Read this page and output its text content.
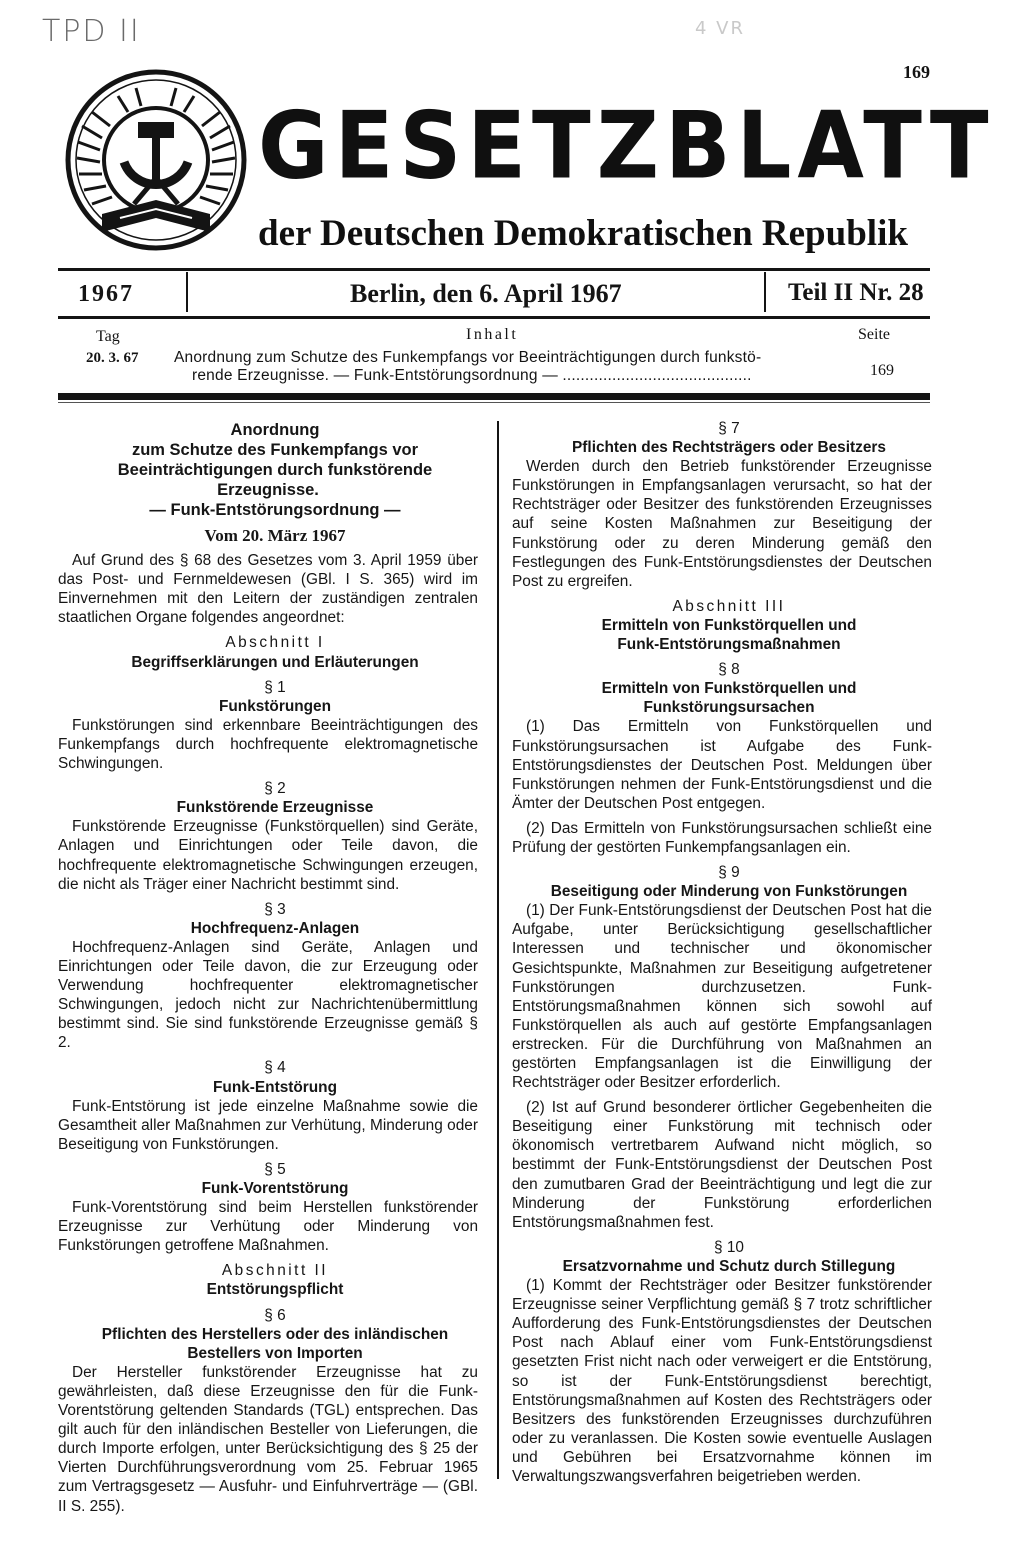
TPD II	4 VR
169
GESETZBLATT
der Deutschen Demokratischen Republik
1967	Berlin, den 6. April 1967	Teil II Nr. 28
Tag	Inhalt	Seite
20. 3. 67 Anordnung zum Schutze des Funkempfangs vor Beeinträchtigungen durch funkstö-
rende Erzeugnisse. — Funk-Entstörungsordnung — ..........................................	169

Anordnung

zum Schutze des Funkempfangs vor

Beeinträchtigungen durch funkstörende Erzeugnisse.

— Funk-Entstörungsordnung —

Vom 20. März 1967

Auf Grund des § 68 des Gesetzes vom 3. April 1959 über das Post- und Fernmeldewesen (GBl. I S. 365) wird im Einvernehmen mit den Leitern der zuständigen zentralen staatlichen Organe folgendes angeordnet:

Abschnitt I

Begriffserklärungen und Erläuterungen

§ 1

Funkstörungen

Funkstörungen sind erkennbare Beeinträchtigungen des Funkempfangs durch hochfrequente elektromagnetische Schwingungen.

§ 2

Funkstörende Erzeugnisse

Funkstörende Erzeugnisse (Funkstörquellen) sind Geräte, Anlagen und Einrichtungen oder Teile davon, die hochfrequente elektromagnetische Schwingungen erzeugen, die nicht als Träger einer Nachricht bestimmt sind.

§ 3

Hochfrequenz-Anlagen

Hochfrequenz-Anlagen sind Geräte, Anlagen und Einrichtungen oder Teile davon, die zur Erzeugung oder Verwendung hochfrequenter elektromagnetischer Schwingungen, jedoch nicht zur Nachrichtenübermittlung bestimmt sind. Sie sind funkstörende Erzeugnisse gemäß § 2.

§ 4

Funk-Entstörung

Funk-Entstörung ist jede einzelne Maßnahme sowie die Gesamtheit aller Maßnahmen zur Verhütung, Minderung oder Beseitigung von Funkstörungen.

§ 5

Funk-Vorentstörung

Funk-Vorentstörung sind beim Herstellen funkstörender Erzeugnisse zur Verhütung oder Minderung von Funkstörungen getroffene Maßnahmen.

Abschnitt II

Entstörungspflicht

§ 6

Pflichten des Herstellers oder des inländischen

Bestellers von Importen

Der Hersteller funkstörender Erzeugnisse hat zu gewährleisten, daß diese Erzeugnisse den für die Funk-Vorentstörung geltenden Standards (TGL) entsprechen. Das gilt auch für den inländischen Besteller von Lieferungen, die durch Importe erfolgen, unter Berücksichtigung des § 25 der Vierten Durchführungsverordnung vom 25. Februar 1965 zum Vertragsgesetz — Ausfuhr- und Einfuhrverträge — (GBl. II S. 255).

§ 7

Pflichten des Rechtsträgers oder Besitzers

Werden durch den Betrieb funkstörender Erzeugnisse Funkstörungen in Empfangsanlagen verursacht, so hat der Rechtsträger oder Besitzer des funkstörenden Erzeugnisses auf seine Kosten Maßnahmen zur Beseitigung der Funkstörung oder zu deren Minderung gemäß den Festlegungen des Funk-Entstörungsdienstes der Deutschen Post zu ergreifen.

Abschnitt III

Ermitteln von Funkstörquellen und

Funk-Entstörungsmaßnahmen

§ 8

Ermitteln von Funkstörquellen und

Funkstörungsursachen

(1) Das Ermitteln von Funkstörquellen und Funkstörungsursachen ist Aufgabe des Funk-Entstörungsdienstes der Deutschen Post. Meldungen über Funkstörungen nehmen der Funk-Entstörungsdienst und die Ämter der Deutschen Post entgegen.

(2) Das Ermitteln von Funkstörungsursachen schließt eine Prüfung der gestörten Funkempfangsanlagen ein.

§ 9

Beseitigung oder Minderung von Funkstörungen

(1) Der Funk-Entstörungsdienst der Deutschen Post hat die Aufgabe, unter Berücksichtigung gesellschaftlicher Interessen und technischer und ökonomischer Gesichtspunkte, Maßnahmen zur Beseitigung aufgetretener Funkstörungen durchzusetzen. Funk-Entstörungsmaßnahmen können sich sowohl auf Funkstörquellen als auch auf gestörte Empfangsanlagen erstrecken. Für die Durchführung von Maßnahmen an gestörten Empfangsanlagen ist die Einwilligung der Rechtsträger oder Besitzer erforderlich.

(2) Ist auf Grund besonderer örtlicher Gegebenheiten die Beseitigung einer Funkstörung mit technisch oder ökonomisch vertretbarem Aufwand nicht möglich, so bestimmt der Funk-Entstörungsdienst der Deutschen Post den zumutbaren Grad der Beeinträchtigung und legt die zur Minderung der Funkstörung erforderlichen Entstörungsmaßnahmen fest.

§ 10

Ersatzvornahme und Schutz durch Stillegung

(1) Kommt der Rechtsträger oder Besitzer funkstörender Erzeugnisse seiner Verpflichtung gemäß § 7 trotz schriftlicher Aufforderung des Funk-Entstörungsdienstes der Deutschen Post nach Ablauf einer vom Funk-Entstörungsdienst gesetzten Frist nicht nach oder verweigert er die Entstörung, so ist der Funk-Entstörungsdienst berechtigt, Entstörungsmaßnahmen auf Kosten des Rechtsträgers oder Besitzers des funkstörenden Erzeugnisses durchzuführen oder zu veranlassen. Die Kosten sowie eventuelle Auslagen und Gebühren bei Ersatzvornahme können im Verwaltungszwangsverfahren beigetrieben werden.
